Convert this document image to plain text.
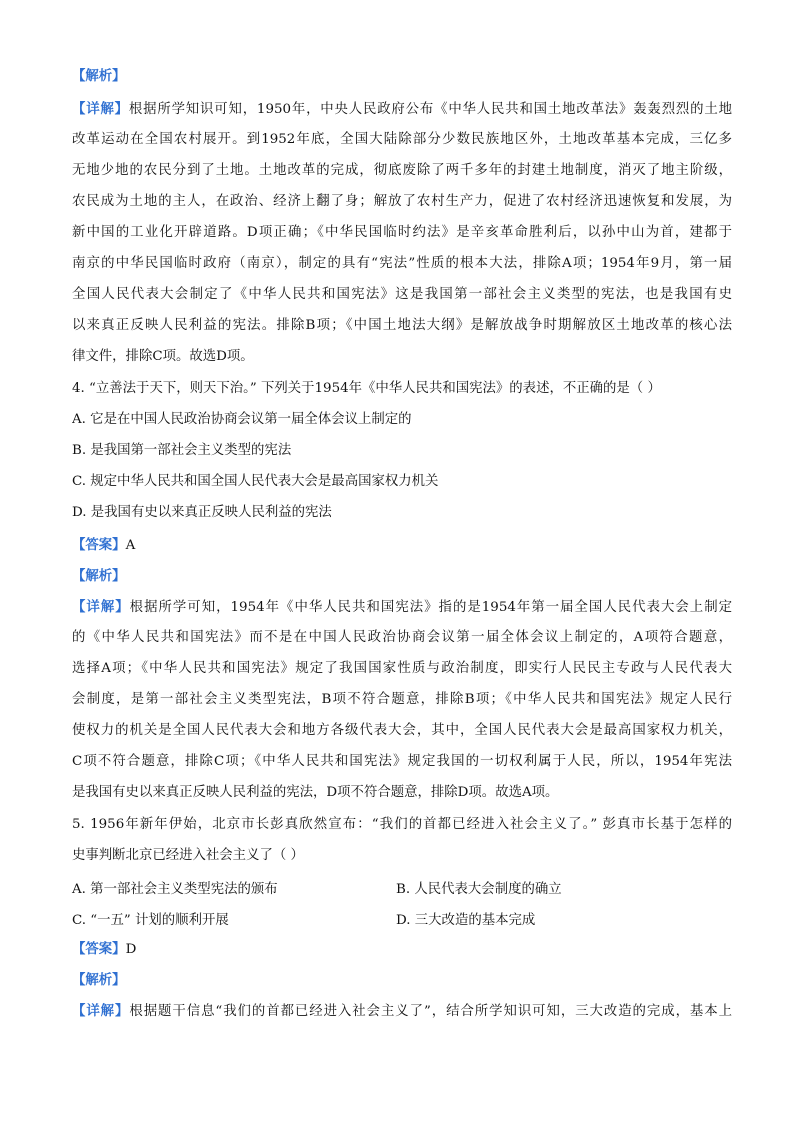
【解析】
【详解】根据所学知识可知，1950年，中央人民政府公布《中华人民共和国土地改革法》轰轰烈烈的土地
改革运动在全国农村展开。到1952年底，全国大陆除部分少数民族地区外，土地改革基本完成，三亿多
无地少地的农民分到了土地。土地改革的完成，彻底废除了两千多年的封建土地制度，消灭了地主阶级，
农民成为土地的主人，在政治、经济上翻了身；解放了农村生产力，促进了农村经济迅速恢复和发展，为
新中国的工业化开辟道路。D项正确；《中华民国临时约法》是辛亥革命胜利后，以孙中山为首，建都于
南京的中华民国临时政府（南京），制定的具有“宪法”性质的根本大法，排除A项；1954年9月，第一届
全国人民代表大会制定了《中华人民共和国宪法》这是我国第一部社会主义类型的宪法，也是我国有史
以来真正反映人民利益的宪法。排除B项；《中国土地法大纲》是解放战争时期解放区土地改革的核心法
律文件，排除C项。故选D项。
4. “立善法于天下，则天下治。” 下列关于1954年《中华人民共和国宪法》的表述，不正确的是（ ）
A. 它是在中国人民政治协商会议第一届全体会议上制定的
B. 是我国第一部社会主义类型的宪法
C. 规定中华人民共和国全国人民代表大会是最高国家权力机关
D. 是我国有史以来真正反映人民利益的宪法
【答案】A
【解析】
【详解】根据所学可知，1954年《中华人民共和国宪法》指的是1954年第一届全国人民代表大会上制定
的《中华人民共和国宪法》而不是在中国人民政治协商会议第一届全体会议上制定的，A项符合题意，
选择A项；《中华人民共和国宪法》规定了我国国家性质与政治制度，即实行人民民主专政与人民代表大
会制度，是第一部社会主义类型宪法，B项不符合题意，排除B项；《中华人民共和国宪法》规定人民行
使权力的机关是全国人民代表大会和地方各级代表大会，其中，全国人民代表大会是最高国家权力机关，
C项不符合题意，排除C项；《中华人民共和国宪法》规定我国的一切权利属于人民，所以，1954年宪法
是我国有史以来真正反映人民利益的宪法，D项不符合题意，排除D项。故选A项。
5. 1956年新年伊始，北京市长彭真欣然宣布：“我们的首都已经进入社会主义了。” 彭真市长基于怎样的
史事判断北京已经进入社会主义了（ ）
A. 第一部社会主义类型宪法的颁布	B. 人民代表大会制度的确立
C. “一五” 计划的顺利开展	D. 三大改造的基本完成
【答案】D
【解析】
【详解】根据题干信息“我们的首都已经进入社会主义了”，结合所学知识可知，三大改造的完成，基本上
